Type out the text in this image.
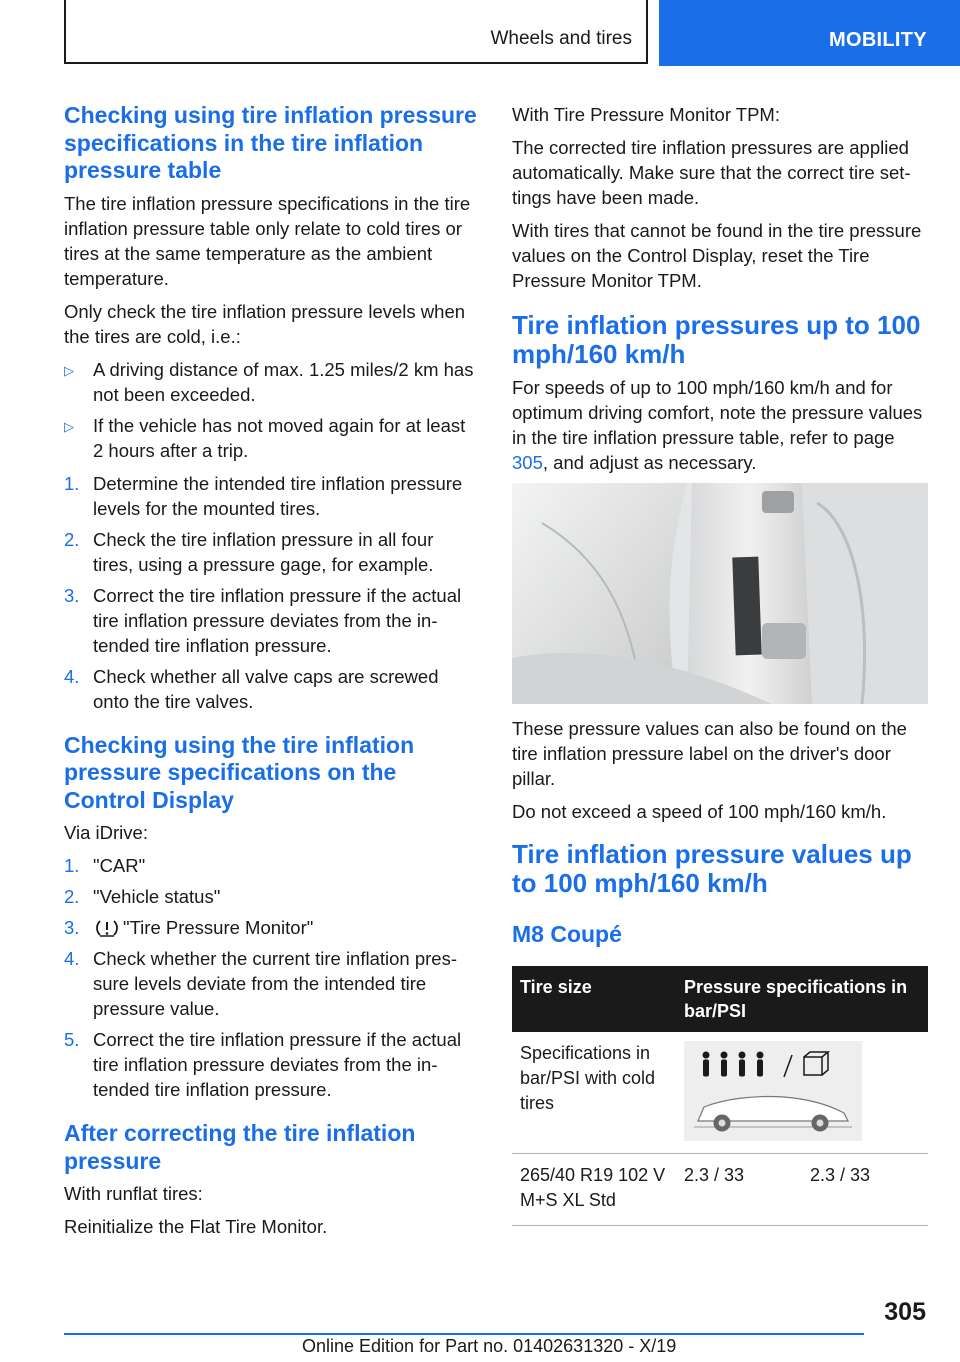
Wheels and tires	MOBILITY
Checking using tire inflation pressure specifications in the tire inflation pressure table

The tire inflation pressure specifications in the tire inflation pressure table only relate to cold tires or tires at the same temperature as the ambient temperature.

Only check the tire inflation pressure levels when the tires are cold, i.e.:

▷ A driving distance of max. 1.25 miles/2 km has not been exceeded.
▷ If the vehicle has not moved again for at least 2 hours after a trip.
1. Determine the intended tire inflation pressure levels for the mounted tires.
2. Check the tire inflation pressure in all four tires, using a pressure gage, for example.
3. Correct the tire inflation pressure if the actual tire inflation pressure deviates from the intended tire inflation pressure.
4. Check whether all valve caps are screwed onto the tire valves.
Checking using the tire inflation pressure specifications on the Control Display

Via iDrive:

1. "CAR"
2. "Vehicle status"
3. "Tire Pressure Monitor"
4. Check whether the current tire inflation pressure levels deviate from the intended tire pressure value.
5. Correct the tire inflation pressure if the actual tire inflation pressure deviates from the intended tire inflation pressure.
After correcting the tire inflation pressure

With runflat tires:

Reinitialize the Flat Tire Monitor.

With Tire Pressure Monitor TPM:

The corrected tire inflation pressures are applied automatically. Make sure that the correct tire settings have been made.

With tires that cannot be found in the tire pressure values on the Control Display, reset the Tire Pressure Monitor TPM.

Tire inflation pressures up to 100 mph/160 km/h

For speeds of up to 100 mph/160 km/h and for optimum driving comfort, note the pressure values in the tire inflation pressure table, refer to page 305, and adjust as necessary.

These pressure values can also be found on the tire inflation pressure label on the driver's door pillar.

Do not exceed a speed of 100 mph/160 km/h.

Tire inflation pressure values up to 100 mph/160 km/h
M8 Coupé
Tire size	Pressure specifications in bar/PSI	
Specifications in bar/PSI with cold tires	

265/40 R19 102 V M+S XL Std	2.3 / 33	2.3 / 33
305
Online Edition for Part no. 01402631320 - X/19
